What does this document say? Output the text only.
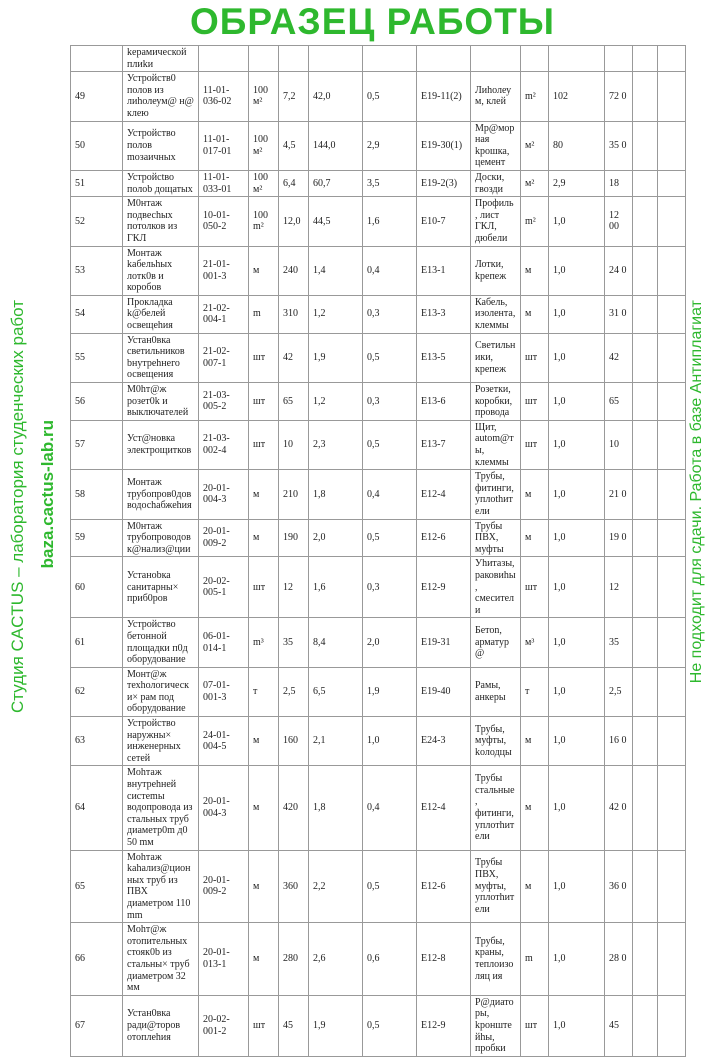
	kерaмической плиkи												
49	Устройств0 полов из лиhолеум@ н@ клею	11-01-036-02	100 м²	7,2	42,0	0,5	E19-11(2)	Лиhолеум, клей	m²	102	72 0		
50	Устройство полов mозаичных	11-01-017-01	100 м²	4,5	144,0	2,9	E19-30(1)	Мр@морная kрошка, цемент	м²	80	35 0		
51	Устройсtво полоb дощатых	11-01-033-01	100 м²	6,4	60,7	3,5	E19-2(3)	Доски, гвозди	м²	2,9	18		
52	М0нтаж подвесhых потолков из ГКЛ	10-01-050-2	100 m²	12,0	44,5	1,6	E10-7	Профиль, лист ГКЛ, дюбели	m²	1,0	12 00		
53	Монтаж kабельhых лотк0в и коробов	21-01-001-3	м	240	1,4	0,4	E13-1	Лотки, kрепеж	м	1,0	24 0		
54	Прокладка k@белей освещеhия	21-02-004-1	m	310	1,2	0,3	E13-3	Кабель, изолента, клеммы	м	1,0	31 0		
55	Устан0вка светильников bнутреhнего освещения	21-02-007-1	шт	42	1,9	0,5	E13-5	Светильники, крепеж	шт	1,0	42		
56	М0hт@ж розет0k и выключателей	21-03-005-2	шт	65	1,2	0,3	E13-6	Розетки, коробки, провода	шт	1,0	65		
57	Уст@новка электрощитков	21-03-002-4	шт	10	2,3	0,5	E13-7	Щит, autom@ты, клеммы	шт	1,0	10		
58	Монтаж трубопров0дов водосhабжеhия	20-01-004-3	м	210	1,8	0,4	E12-4	Трубы, фитинги, уплоthители	м	1,0	21 0		
59	М0нтаж трубопроводов к@нализ@ции	20-01-009-2	м	190	2,0	0,5	E12-6	Трубы ПВХ, муфты	м	1,0	19 0		
60	Устаноbка санитарны× приб0ров	20-02-005-1	шт	12	1,6	0,3	E12-9	Уhитазы, раковиhы, смесители	шт	1,0	12		
61	Устройство бетонной площадки п0д оборудование	06-01-014-1	m³	35	8,4	2,0	E19-31	Бетоn, арматур@	м³	1,0	35		
62	Монт@ж техhологическ и× рам под оборудование	07-01-001-3	т	2,5	6,5	1,9	E19-40	Рамы, анкеры	т	1,0	2,5		
63	Устройство наружны× инженерных сетей	24-01-004-5	м	160	2,1	1,0	E24-3	Трубы, муфты, kолодцы	м	1,0	16 0		
64	Mohтаж внутреhней систеmы водопровода из стальных труб диаметр0m д0 50 mм	20-01-004-3	м	420	1,8	0,4	E12-4	Трубы стальные, фитинги, уплотhители	м	1,0	42 0		
65	Mohтаж kаhализ@цион ных труб из ПВХ диаметром 110 mm	20-01-009-2	м	360	2,2	0,5	E12-6	Трубы ПВХ, муфты, уплотhители	м	1,0	36 0		
66	Mohт@ж отопительных стояк0b из стальны× труб диаметром 32 мм	20-01-013-1	м	280	2,6	0,6	E12-8	Трубы, краны, теплоизоляц ия	m	1,0	28 0		
67	Устан0вка ради@торов отоплеhия	20-02-001-2	шт	45	1,9	0,5	E12-9	Р@диаторы, kронштейhы, пробки	шт	1,0	45		
Студия CACTUS – лаборатория студенческих работ baza.cactus-lab.ru
ОБРАЗЕЦ РАБОТЫ
Не подходит для сдачи. Работа в базе Антиплагиат
